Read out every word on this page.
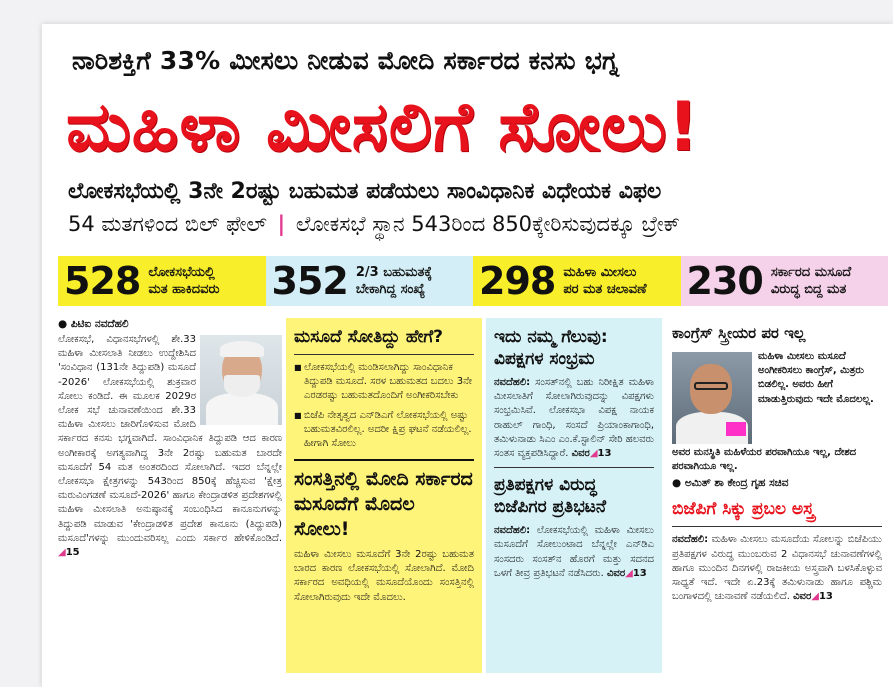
ನಾರಿಶಕ್ತಿಗೆ 33% ಮೀಸಲು ನೀಡುವ ಮೋದಿ ಸರ್ಕಾರದ ಕನಸು ಭಗ್ನ
ಮಹಿಳಾ ಮೀಸಲಿಗೆ ಸೋಲು!
ಲೋಕಸಭೆಯಲ್ಲಿ 3ನೇ 2ರಷ್ಟು ಬಹುಮತ ಪಡೆಯಲು ಸಾಂವಿಧಾನಿಕ ವಿಧೇಯಕ ವಿಫಲ
54 ಮತಗಳಿಂದ ಬಿಲ್ ಫೇಲ್ | ಲೋಕಸಭೆ ಸ್ಥಾನ 543ರಿಂದ 850ಕ್ಕೇರಿಸುವುದಕ್ಕೂ ಬ್ರೇಕ್
528 ಲೋಕಸಭೆಯಲ್ಲಿ
ಮತ ಹಾಕಿದವರು 352 2/3 ಬಹುಮತಕ್ಕೆ
ಬೇಕಾಗಿದ್ದ ಸಂಖ್ಯೆ 298 ಮಹಿಳಾ ಮೀಸಲು
ಪರ ಮತ ಚಲಾವಣೆ 230 ಸರ್ಕಾರದ ಮಸೂದೆ
ವಿರುದ್ಧ ಬಿದ್ದ ಮತ
● ಪಿಟಿಐ ನವದೆಹಲಿ
ಲೋಕಸಭೆ, ವಿಧಾನಸಭೆಗಳಲ್ಲಿ ಶೇ.33 ಮಹಿಳಾ ಮೀಸಲಾತಿ ನೀಡಲು ಉದ್ದೇಶಿಸಿದ 'ಸಂವಿಧಾನ (131ನೇ ತಿದ್ದುಪಡಿ) ಮಸೂದೆ -2026' ಲೋಕಸಭೆಯಲ್ಲಿ ಶುಕ್ರವಾರ ಸೋಲು ಕಂಡಿದೆ. ಈ ಮೂಲಕ 2029ರ ಲೋಕ ಸಭೆ ಚುನಾವಣೆಯಿಂದ ಶೇ.33 ಮಹಿಳಾ ಮೀಸಲು ಜಾರಿಗೊಳಿಸುವ ಮೋದಿ ಸರ್ಕಾರದ ಕನಸು ಭಗ್ನವಾಗಿದೆ. ಸಾಂವಿಧಾನಿಕ ತಿದ್ದುಪಡಿ ಆದ ಕಾರಣ ಅಂಗೀಕಾರಕ್ಕೆ ಅಗತ್ಯವಾಗಿದ್ದ 3ನೇ 2ರಷ್ಟು ಬಹುಮತ ಬಾರದೇ ಮಸೂದೆಗೆ 54 ಮತ ಅಂತರದಿಂದ ಸೋಲಾಗಿದೆ. ಇದರ ಬೆನ್ನಲ್ಲೇ ಲೋಕಸಭಾ ಕ್ಷೇತ್ರಗಳನ್ನು 543ರಿಂದ 850ಕ್ಕೆ ಹೆಚ್ಚಿಸುವ 'ಕ್ಷೇತ್ರ ಮರುವಿಂಗಡಣೆ ಮಸೂದೆ-2026' ಹಾಗೂ ಕೇಂದ್ರಾಡಳಿತ ಪ್ರದೇಶಗಳಲ್ಲಿ ಮಹಿಳಾ ಮೀಸಲಾತಿ ಅನುಷ್ಠಾನಕ್ಕೆ ಸಂಬಂಧಿಸಿದ ಕಾನೂನುಗಳನ್ನು ತಿದ್ದುಪಡಿ ಮಾಡುವ 'ಕೇಂದ್ರಾಡಳಿತ ಪ್ರದೇಶ ಕಾನೂನು (ತಿದ್ದುಪಡಿ) ಮಸೂದೆ'ಗಳನ್ನು ಮುಂದುವರಿಸಲ್ಲ ಎಂದು ಸರ್ಕಾರ ಹೇಳಿಕೊಂಡಿದೆ. ◢15
ಮಸೂದೆ ಸೋತಿದ್ದು ಹೇಗೆ?
■ ಲೋಕಸಭೆಯಲ್ಲಿ ಮಂಡಿಸಲಾಗಿದ್ದು ಸಾಂವಿಧಾನಿಕ ತಿದ್ದುಪಡಿ ಮಸೂದೆ. ಸರಳ ಬಹುಮತದ ಬದಲು 3ನೇ ಎರಡರಷ್ಟು ಬಹುಮತದೊಂದಿಗೆ ಅಂಗೀಕರಿಸಬೇಕು
■ ಬಿಜೆಪಿ ನೇತೃತ್ವದ ಎನ್‌ಡಿಎಗೆ ಲೋಕಸಭೆಯಲ್ಲಿ ಅಷ್ಟು ಬಹುಮತವಿರಲಿಲ್ಲ. ಅದರೀ ಕ್ಷಿಪ್ರ ಘಟನೆ ನಡೆಯಲಿಲ್ಲ. ಹೀಗಾಗಿ ಸೋಲು
ಸಂಸತ್ತಿನಲ್ಲಿ ಮೋದಿ ಸರ್ಕಾರದ ಮಸೂದೆಗೆ ಮೊದಲ ಸೋಲು!
ಮಹಿಳಾ ಮೀಸಲು ಮಸೂದೆಗೆ 3ನೇ 2ರಷ್ಟು ಬಹುಮತ ಬಾರದ ಕಾರಣ ಲೋಕಸಭೆಯಲ್ಲಿ ಸೋಲಾಗಿದೆ. ಮೋದಿ ಸರ್ಕಾರದ ಅವಧಿಯಲ್ಲಿ ಮಸೂದೆಯೊಂದು ಸಂಸತ್ತಿನಲ್ಲಿ ಸೋಲಾಗಿರುವುದು ಇದೇ ಮೊದಲು.
ಇದು ನಮ್ಮ ಗೆಲುವು: ವಿಪಕ್ಷಗಳ ಸಂಭ್ರಮ
ನವದೆಹಲಿ: ಸಂಸತ್‌ನಲ್ಲಿ ಬಹು ನಿರೀಕ್ಷಿತ ಮಹಿಳಾ ಮೀಸಲಾತಿಗೆ ಸೋಲಾಗಿರುವುದನ್ನು ವಿಪಕ್ಷಗಳು ಸಂಭ್ರಮಿಸಿವೆ. ಲೋಕಸಭಾ ವಿಪಕ್ಷ ನಾಯಕ ರಾಹುಲ್ ಗಾಂಧಿ, ಸಂಸದೆ ಪ್ರಿಯಾಂಕಾಗಾಂಧಿ, ತಮಿಳುನಾಡು ಸಿಎಂ ಎಂ.ಕೆ.ಸ್ಟಾಲಿನ್ ಸೇರಿ ಹಲವರು ಸಂತಸ ವ್ಯಕ್ತಪಡಿಸಿದ್ದಾರೆ. ವಿವರ◢13
ಪ್ರತಿಪಕ್ಷಗಳ ವಿರುದ್ಧ ಬಿಜೆಪಿಗರ ಪ್ರತಿಭಟನೆ
ನವದೆಹಲಿ: ಲೋಕಸಭೆಯಲ್ಲಿ ಮಹಿಳಾ ಮೀಸಲು ಮಸೂದೆಗೆ ಸೋಲುಂಟಾದ ಬೆನ್ನಲ್ಲೇ ಎನ್‌ಡಿಎ ಸಂಸದರು ಸಂಸತ್‌ನ ಹೊರಗೆ ಮತ್ತು ಸದನದ ಒಳಗೆ ತೀವ್ರ ಪ್ರತಿಭಟನೆ ನಡೆಸಿದರು. ವಿವರ◢13
ಕಾಂಗ್ರೆಸ್ ಸ್ತ್ರೀಯರ ಪರ ಇಲ್ಲ
ಮಹಿಳಾ ಮೀಸಲು ಮಸೂದೆ ಅಂಗೀಕರಿಸಲು ಕಾಂಗ್ರೆಸ್, ಮಿತ್ರರು ಬಿಡಲಿಲ್ಲ. ಅವರು ಹೀಗೆ ಮಾಡುತ್ತಿರುವುದು ಇದೇ ಮೊದಲಲ್ಲ.
ಅವರ ಮನಸ್ಥಿತಿ ಮಹಿಳೆಯರ ಪರವಾಗಿಯೂ ಇಲ್ಲ, ದೇಶದ ಪರವಾಗಿಯೂ ಇಲ್ಲ.
● ಅಮಿತ್ ಶಾ ಕೇಂದ್ರ ಗೃಹ ಸಚಿವ
ಬಿಜೆಪಿಗೆ ಸಿಕ್ಕು ಪ್ರಬಲ ಅಸ್ತ್ರ
ನವದೆಹಲಿ: ಮಹಿಳಾ ಮೀಸಲು ಮಸೂದೆಯ ಸೋಲನ್ನು ಬಿಜೆಪಿಯು ಪ್ರತಿಪಕ್ಷಗಳ ವಿರುದ್ಧ ಮುಂಬರುವ 2 ವಿಧಾನಸಭೆ ಚುನಾವಣೆಗಳಲ್ಲಿ ಹಾಗೂ ಮುಂದಿನ ದಿನಗಳಲ್ಲಿ ರಾಜಕೀಯ ಅಸ್ತ್ರವಾಗಿ ಬಳಸಿಕೊಳ್ಳುವ ಸಾಧ್ಯತೆ ಇದೆ. ಇದೇ ಏ.23ಕ್ಕೆ ತಮಿಳುನಾಡು ಹಾಗೂ ಪಶ್ಚಿಮ ಬಂಗಾಳದಲ್ಲಿ ಚುನಾವಣೆ ನಡೆಯಲಿದೆ. ವಿವರ◢13
